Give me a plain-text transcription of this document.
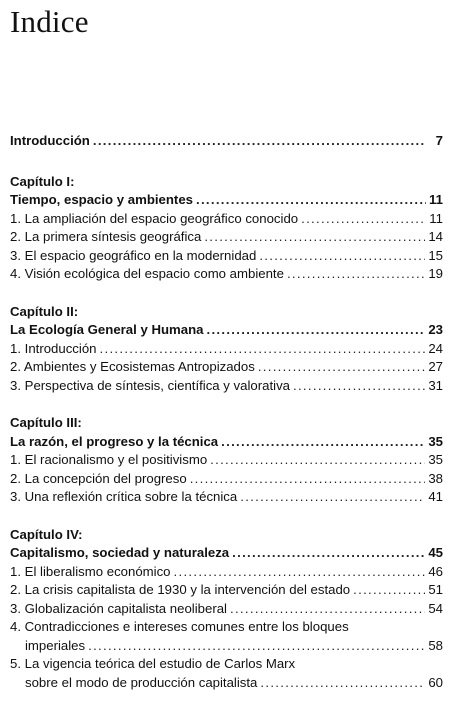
Indice
Introducción .....	7
Capítulo I:
Tiempo, espacio y ambientes .....	11
1. La ampliación del espacio geográfico conocido .....	11
2. La primera síntesis geográfica .....	14
3. El espacio geográfico en la modernidad .....	15
4. Visión ecológica del espacio como ambiente .....	19
Capítulo II:
La Ecología General y Humana .....	23
1. Introducción .....	24
2. Ambientes y Ecosistemas Antropizados .....	27
3. Perspectiva de síntesis, científica y valorativa .....	31
Capítulo III:
La razón, el progreso y la técnica .....	35
1. El racionalismo y el positivismo .....	35
2. La concepción del progreso .....	38
3. Una reflexión crítica sobre la técnica .....	41
Capítulo IV:
Capitalismo, sociedad y naturaleza .....	45
1. El liberalismo económico .....	46
2. La crisis capitalista de 1930 y la intervención del estado .....	51
3. Globalización capitalista neoliberal .....	54
4. Contradicciones e intereses comunes entre los bloques
imperiales .....	58
5. La vigencia teórica del estudio de Carlos Marx
sobre el modo de producción capitalista .....	60
